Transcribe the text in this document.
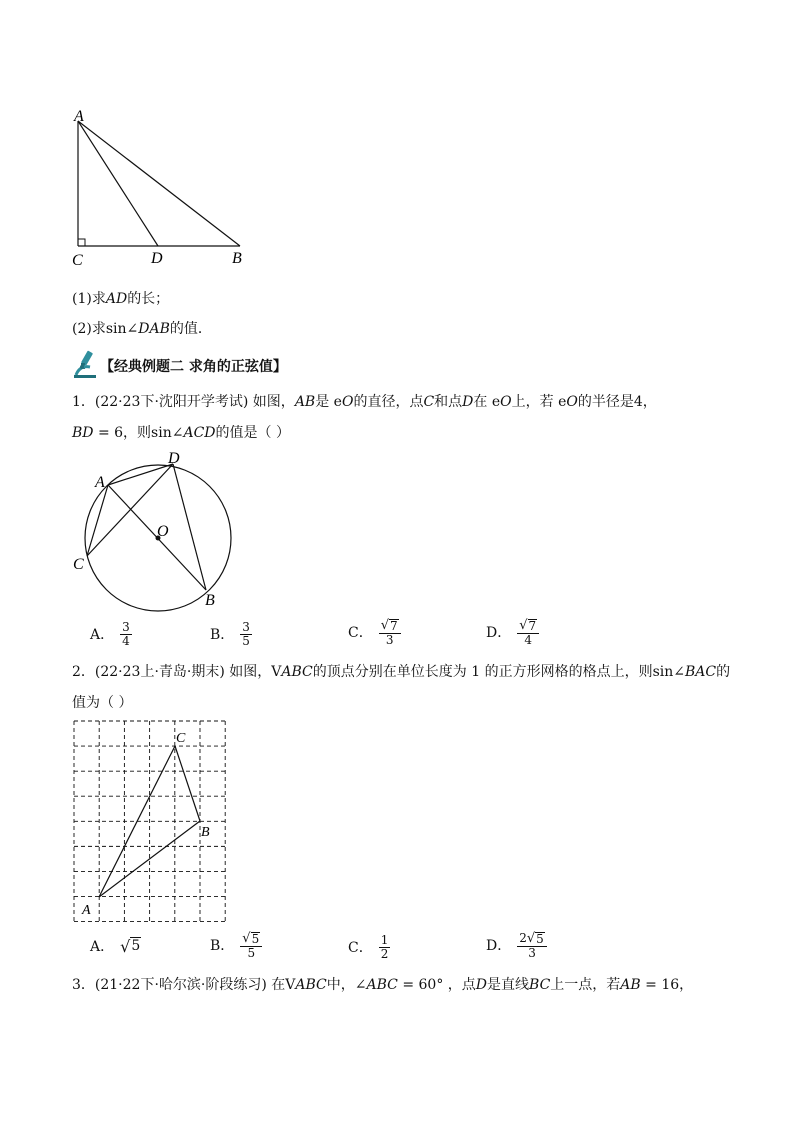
A
C	D	B
(1)求AD的长；
(2)求sin∠DAB的值．
【经典例题二 求角的正弦值】
1．(22·23下·沈阳开学考试) 如图，AB是 eO的直径，点C和点D在 eO上，若 eO的半径是4，
BD = 6，则sin∠ACD的值是（ ）
A
D
O
C
B
A． $\frac{3}{4}$	B． $\frac{3}{5}$	C． $\frac{√ 7}{3}$	D． $\frac{√ 7}{4}$
2．(22·23上·青岛·期末) 如图，VABC的顶点分别在单位长度为 1 的正方形网格的格点上，则sin∠BAC的
值为（ ）
C
B
A
A． √ 5	B． $\frac{√ 5}{5}$	C． $\frac{1}{2}$	D． $\frac{2 √ 5}{3}$
3．(21·22下·哈尔滨·阶段练习) 在VABC中，∠ABC = 60° ，点D是直线BC上一点，若AB = 16，
